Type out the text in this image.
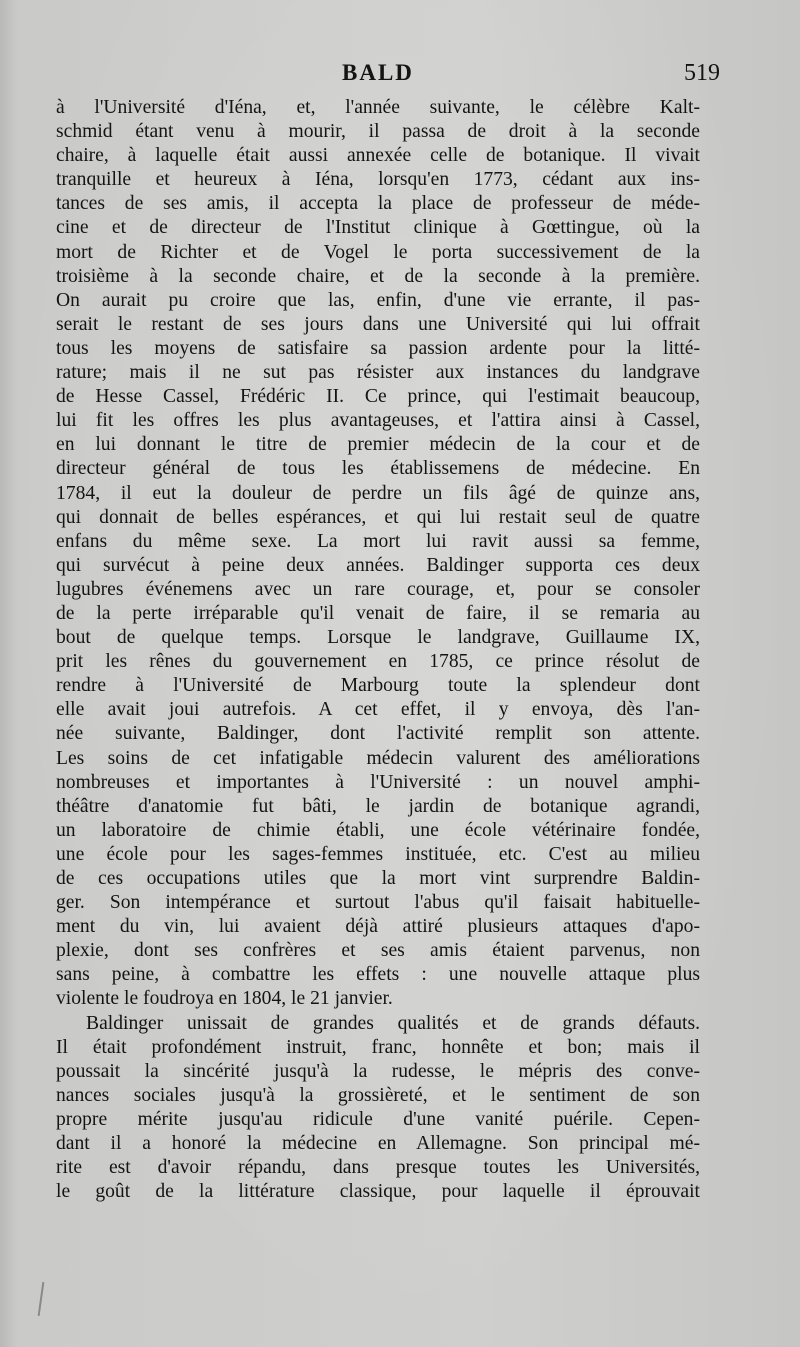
BALD	519
à l'Université d'Iéna, et, l'année suivante, le célèbre Kalt-
schmid étant venu à mourir, il passa de droit à la seconde
chaire, à laquelle était aussi annexée celle de botanique. Il vivait
tranquille et heureux à Iéna, lorsqu'en 1773, cédant aux ins-
tances de ses amis, il accepta la place de professeur de méde-
cine et de directeur de l'Institut clinique à Gœttingue, où la
mort de Richter et de Vogel le porta successivement de la
troisième à la seconde chaire, et de la seconde à la première.
On aurait pu croire que las, enfin, d'une vie errante, il pas-
serait le restant de ses jours dans une Université qui lui offrait
tous les moyens de satisfaire sa passion ardente pour la litté-
rature; mais il ne sut pas résister aux instances du landgrave
de Hesse Cassel, Frédéric II. Ce prince, qui l'estimait beaucoup,
lui fit les offres les plus avantageuses, et l'attira ainsi à Cassel,
en lui donnant le titre de premier médecin de la cour et de
directeur général de tous les établissemens de médecine. En
1784, il eut la douleur de perdre un fils âgé de quinze ans,
qui donnait de belles espérances, et qui lui restait seul de quatre
enfans du même sexe. La mort lui ravit aussi sa femme,
qui survécut à peine deux années. Baldinger supporta ces deux
lugubres événemens avec un rare courage, et, pour se consoler
de la perte irréparable qu'il venait de faire, il se remaria au
bout de quelque temps. Lorsque le landgrave, Guillaume IX,
prit les rênes du gouvernement en 1785, ce prince résolut de
rendre à l'Université de Marbourg toute la splendeur dont
elle avait joui autrefois. A cet effet, il y envoya, dès l'an-
née suivante, Baldinger, dont l'activité remplit son attente.
Les soins de cet infatigable médecin valurent des améliorations
nombreuses et importantes à l'Université : un nouvel amphi-
théâtre d'anatomie fut bâti, le jardin de botanique agrandi,
un laboratoire de chimie établi, une école vétérinaire fondée,
une école pour les sages-femmes instituée, etc. C'est au milieu
de ces occupations utiles que la mort vint surprendre Baldin-
ger. Son intempérance et surtout l'abus qu'il faisait habituelle-
ment du vin, lui avaient déjà attiré plusieurs attaques d'apo-
plexie, dont ses confrères et ses amis étaient parvenus, non
sans peine, à combattre les effets : une nouvelle attaque plus
violente le foudroya en 1804, le 21 janvier.
Baldinger unissait de grandes qualités et de grands défauts.
Il était profondément instruit, franc, honnête et bon; mais il
poussait la sincérité jusqu'à la rudesse, le mépris des conve-
nances sociales jusqu'à la grossièreté, et le sentiment de son
propre mérite jusqu'au ridicule d'une vanité puérile. Cepen-
dant il a honoré la médecine en Allemagne. Son principal mé-
rite est d'avoir répandu, dans presque toutes les Universités,
le goût de la littérature classique, pour laquelle il éprouvait
